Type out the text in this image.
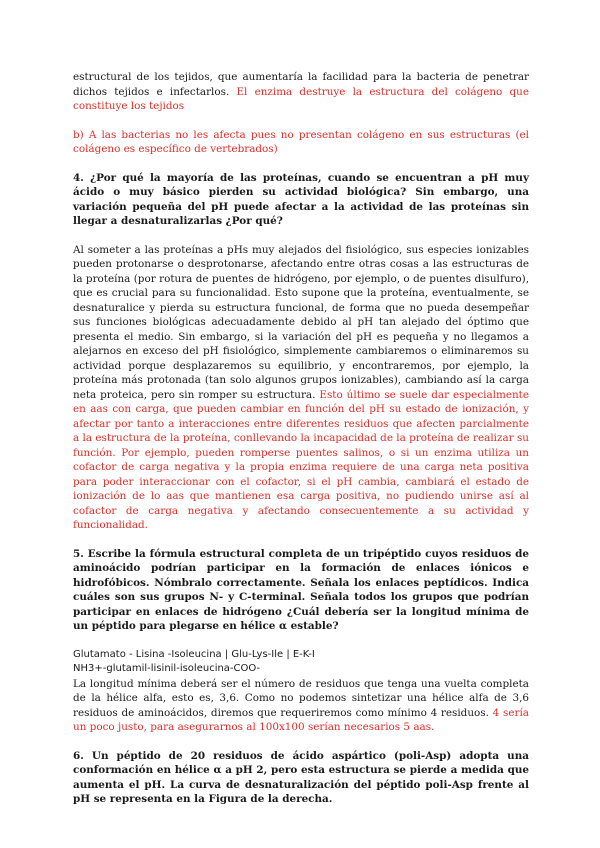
estructural de los tejidos, que aumentaría la facilidad para la bacteria de penetrar dichos tejidos e infectarlos. El enzima destruye la estructura del colágeno que constituye los tejidos

b) A las bacterias no les afecta pues no presentan colágeno en sus estructuras (el colágeno es específico de vertebrados)

4. ¿Por qué la mayoría de las proteínas, cuando se encuentran a pH muy ácido o muy básico pierden su actividad biológica? Sin embargo, una variación pequeña del pH puede afectar a la actividad de las proteínas sin llegar a desnaturalizarlas ¿Por qué?

Al someter a las proteínas a pHs muy alejados del fisiológico, sus especies ionizables pueden protonarse o desprotonarse, afectando entre otras cosas a las estructuras de la proteína (por rotura de puentes de hidrógeno, por ejemplo, o de puentes disulfuro), que es crucial para su funcionalidad. Esto supone que la proteína, eventualmente, se desnaturalice y pierda su estructura funcional, de forma que no pueda desempeñar sus funciones biológicas adecuadamente debido al pH tan alejado del óptimo que presenta el medio. Sin embargo, si la variación del pH es pequeña y no llegamos a alejarnos en exceso del pH fisiológico, simplemente cambiaremos o eliminaremos su actividad porque desplazaremos su equilibrio, y encontraremos, por ejemplo, la proteína más protonada (tan solo algunos grupos ionizables), cambiando así la carga neta proteica, pero sin romper su estructura. Esto último se suele dar especialmente en aas con carga, que pueden cambiar en función del pH su estado de ionización, y afectar por tanto a interacciones entre diferentes residuos que afecten parcialmente a la estructura de la proteína, conllevando la incapacidad de la proteína de realizar su función. Por ejemplo, pueden romperse puentes salinos, o si un enzima utiliza un cofactor de carga negativa y la propia enzima requiere de una carga neta positiva para poder interaccionar con el cofactor, si el pH cambia, cambiará el estado de ionización de lo aas que mantienen esa carga positiva, no pudiendo unirse así al cofactor de carga negativa y afectando consecuentemente a su actividad y funcionalidad.

5. Escribe la fórmula estructural completa de un tripéptido cuyos residuos de aminoácido podrían participar en la formación de enlaces iónicos e hidrofóbicos. Nómbralo correctamente. Señala los enlaces peptídicos. Indica cuáles son sus grupos N- y C-terminal. Señala todos los grupos que podrían participar en enlaces de hidrógeno ¿Cuál debería ser la longitud mínima de un péptido para plegarse en hélice α estable?

Glutamato - Lisina -Isoleucina | Glu-Lys-Ile | E-K-I

NH3+-glutamil-lisinil-isoleucina-COO-

La longitud mínima deberá ser el número de residuos que tenga una vuelta completa de la hélice alfa, esto es, 3,6. Como no podemos sintetizar una hélice alfa de 3,6 residuos de aminoácidos, diremos que requeriremos como mínimo 4 residuos. 4 sería un poco justo, para asegurarnos al 100x100 serían necesarios 5 aas.

6. Un péptido de 20 residuos de ácido aspártico (poli-Asp) adopta una conformación en hélice α a pH 2, pero esta estructura se pierde a medida que aumenta el pH. La curva de desnaturalización del péptido poli-Asp frente al pH se representa en la Figura de la derecha.
